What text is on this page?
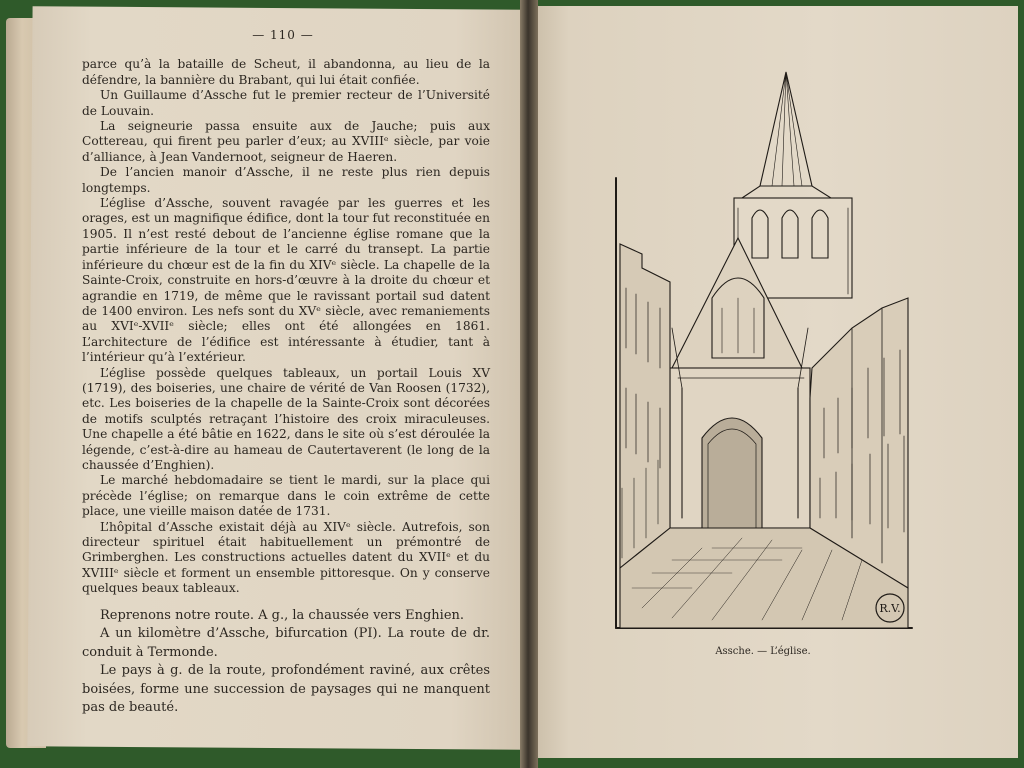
— 110 —

parce qu’à la bataille de Scheut, il abandonna, au lieu de la défendre, la bannière du Brabant, qui lui était confiée.

Un Guillaume d’Assche fut le premier recteur de l’Université de Louvain.

La seigneurie passa ensuite aux de Jauche; puis aux Cottereau, qui firent peu parler d’eux; au XVIIIᵉ siècle, par voie d’alliance, à Jean Vandernoot, seigneur de Haeren.

De l’ancien manoir d’Assche, il ne reste plus rien depuis longtemps.

L’église d’Assche, souvent ravagée par les guerres et les orages, est un magnifique édifice, dont la tour fut reconstituée en 1905. Il n’est resté debout de l’ancienne église romane que la partie inférieure de la tour et le carré du transept. La partie inférieure du chœur est de la fin du XIVᵉ siècle. La chapelle de la Sainte-Croix, construite en hors-d’œuvre à la droite du chœur et agrandie en 1719, de même que le ravissant portail sud datent de 1400 environ. Les nefs sont du XVᵉ siècle, avec remaniements au XVIᵉ-XVIIᵉ siècle; elles ont été allongées en 1861. L’architecture de l’édifice est intéressante à étudier, tant à l’intérieur qu’à l’extérieur.

L’église possède quelques tableaux, un portail Louis XV (1719), des boiseries, une chaire de vérité de Van Roosen (1732), etc. Les boiseries de la chapelle de la Sainte-Croix sont décorées de motifs sculptés retraçant l’histoire des croix miraculeuses. Une chapelle a été bâtie en 1622, dans le site où s’est déroulée la légende, c’est-à-dire au hameau de Cautertaverent (le long de la chaussée d’Enghien).

Le marché hebdomadaire se tient le mardi, sur la place qui précède l’église; on remarque dans le coin extrême de cette place, une vieille maison datée de 1731.

L’hôpital d’Assche existait déjà au XIVᵉ siècle. Autrefois, son directeur spirituel était habituellement un prémontré de Grimberghen. Les constructions actuelles datent du XVIIᵉ et du XVIIIᵉ siècle et forment un ensemble pittoresque. On y conserve quelques beaux tableaux.

Reprenons notre route. A g., la chaussée vers Enghien.

A un kilomètre d’Assche, bifurcation (PI). La route de dr. conduit à Termonde.

Le pays à g. de la route, profondément raviné, aux crêtes boisées, forme une succession de paysages qui ne manquent pas de beauté.

R.V.
Assche. — L’église.
